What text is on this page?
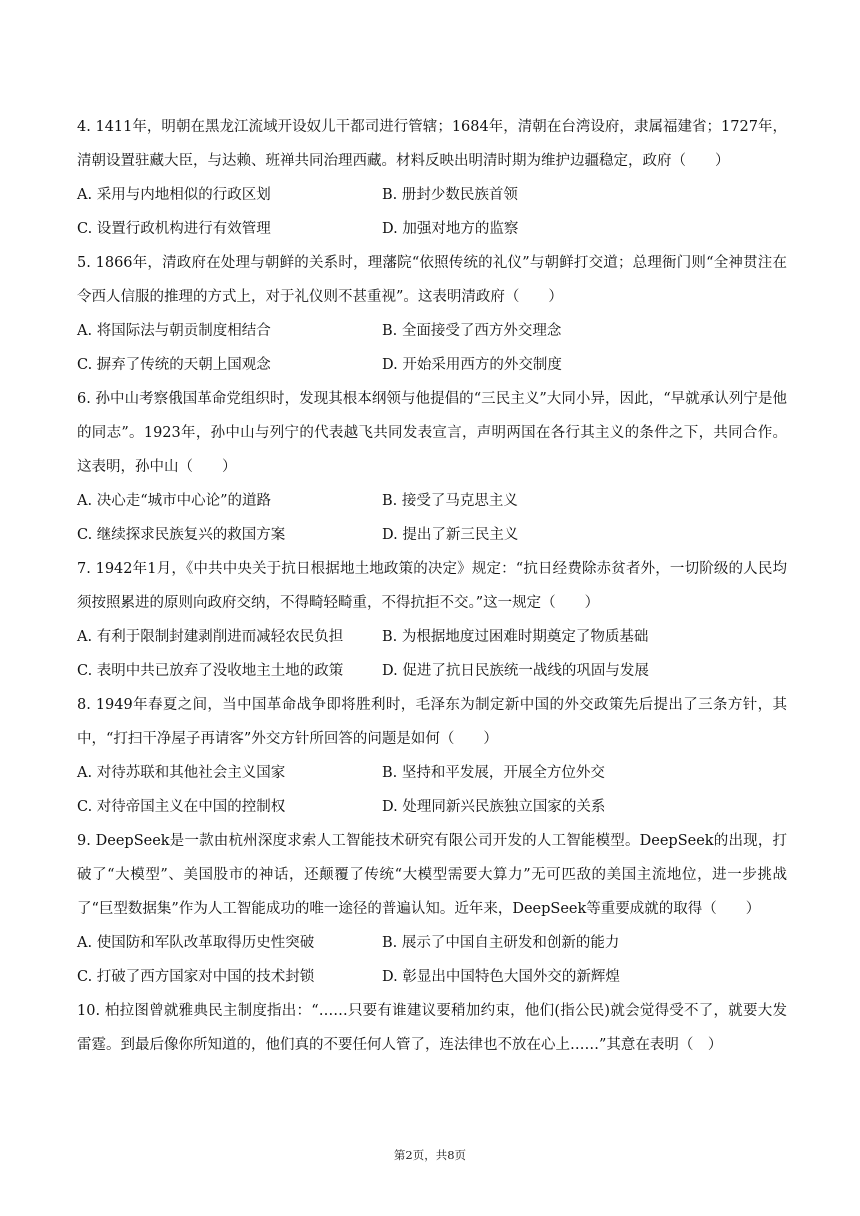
4. 1411年，明朝在黑龙江流域开设奴儿干都司进行管辖；1684年，清朝在台湾设府，隶属福建省；1727年，清朝设置驻藏大臣，与达赖、班禅共同治理西藏。材料反映出明清时期为维护边疆稳定，政府（　　）

A. 采用与内地相似的行政区划	B. 册封少数民族首领
C. 设置行政机构进行有效管理	D. 加强对地方的监察

5. 1866年，清政府在处理与朝鲜的关系时，理藩院“依照传统的礼仪”与朝鲜打交道；总理衙门则“全神贯注在令西人信服的推理的方式上，对于礼仪则不甚重视”。这表明清政府（　　）

A. 将国际法与朝贡制度相结合	B. 全面接受了西方外交理念
C. 摒弃了传统的天朝上国观念	D. 开始采用西方的外交制度

6. 孙中山考察俄国革命党组织时，发现其根本纲领与他提倡的“三民主义”大同小异，因此，“早就承认列宁是他的同志”。1923年，孙中山与列宁的代表越飞共同发表宣言，声明两国在各行其主义的条件之下，共同合作。这表明，孙中山（　　）

A. 决心走“城市中心论”的道路	B. 接受了马克思主义
C. 继续探求民族复兴的救国方案	D. 提出了新三民主义

7. 1942年1月，《中共中央关于抗日根据地土地政策的决定》规定：“抗日经费除赤贫者外，一切阶级的人民均须按照累进的原则向政府交纳，不得畸轻畸重，不得抗拒不交。”这一规定（　　）

A. 有利于限制封建剥削进而减轻农民负担	B. 为根据地度过困难时期奠定了物质基础
C. 表明中共已放弃了没收地主土地的政策	D. 促进了抗日民族统一战线的巩固与发展

8. 1949年春夏之间，当中国革命战争即将胜利时，毛泽东为制定新中国的外交政策先后提出了三条方针，其中，“打扫干净屋子再请客”外交方针所回答的问题是如何（　　）

A. 对待苏联和其他社会主义国家	B. 坚持和平发展，开展全方位外交
C. 对待帝国主义在中国的控制权	D. 处理同新兴民族独立国家的关系

9. DeepSeek是一款由杭州深度求索人工智能技术研究有限公司开发的人工智能模型。DeepSeek的出现，打破了“大模型”、美国股市的神话，还颠覆了传统“大模型需要大算力”无可匹敌的美国主流地位，进一步挑战了“巨型数据集”作为人工智能成功的唯一途径的普遍认知。近年来，DeepSeek等重要成就的取得（　　）

A. 使国防和军队改革取得历史性突破	B. 展示了中国自主研发和创新的能力
C. 打破了西方国家对中国的技术封锁	D. 彰显出中国特色大国外交的新辉煌

10. 柏拉图曾就雅典民主制度指出：“……只要有谁建议要稍加约束，他们(指公民)就会觉得受不了，就要大发雷霆。到最后像你所知道的，他们真的不要任何人管了，连法律也不放在心上……”其意在表明（　）

第2页，共8页
